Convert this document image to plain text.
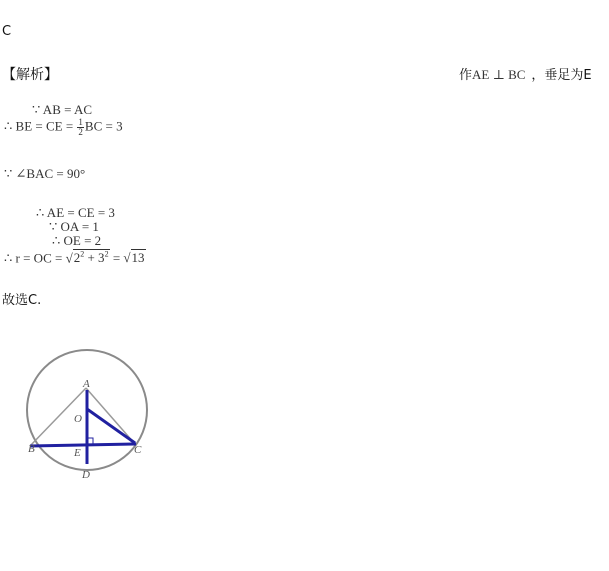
C
【解析】	作AE ⊥ BC ，垂足为E
∵ AB = AC
∴ BE = CE = $\frac{1}{2}$ BC = 3
∵ ∠BAC = 90°
∴ AE = CE = 3
∵ OA = 1
∴ OE = 2
∴ r = OC = $√2^2 + 3^2 = √13$
故选C.
A
O
B	E	C
D
